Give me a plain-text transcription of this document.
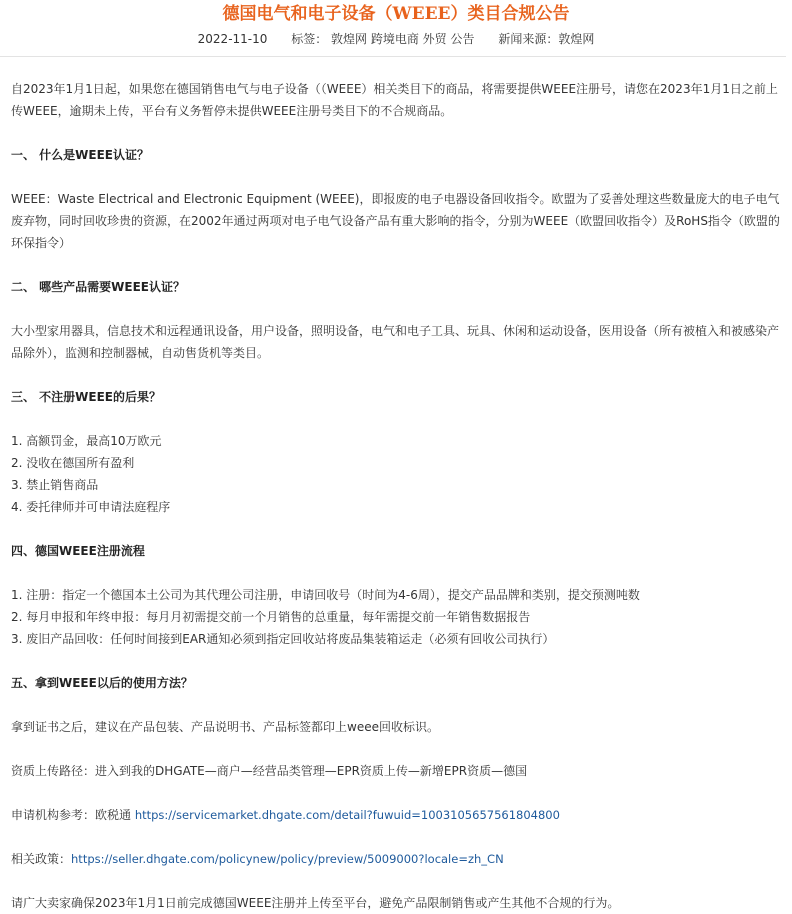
德国电气和电子设备（WEEE）类目合规公告
2022-11-10 标签： 敦煌网 跨境电商 外贸 公告 新闻来源：敦煌网

自2023年1月1日起，如果您在德国销售电气与电子设备（（WEEE）相关类目下的商品，将需要提供WEEE注册号，请您在2023年1月1日之前上传WEEE，逾期未上传，平台有义务暂停未提供WEEE注册号类目下的不合规商品。

一、 什么是WEEE认证？

WEEE：Waste Electrical and Electronic Equipment (WEEE)，即报废的电子电器设备回收指令。欧盟为了妥善处理这些数量庞大的电子电气废弃物，同时回收珍贵的资源，在2002年通过两项对电子电气设备产品有重大影响的指令，分别为WEEE（欧盟回收指令）及RoHS指令（欧盟的环保指令）

二、 哪些产品需要WEEE认证？

大小型家用器具，信息技术和远程通讯设备，用户设备，照明设备，电气和电子工具、玩具、休闲和运动设备，医用设备（所有被植入和被感染产品除外），监测和控制器械，自动售货机等类目。

三、 不注册WEEE的后果？

1. 高额罚金，最高10万欧元

2. 没收在德国所有盈利

3. 禁止销售商品

4. 委托律师并可申请法庭程序

四、德国WEEE注册流程

1. 注册：指定一个德国本土公司为其代理公司注册，申请回收号（时间为4-6周），提交产品品牌和类别，提交预测吨数

2. 每月申报和年终申报：每月月初需提交前一个月销售的总重量，每年需提交前一年销售数据报告

3. 废旧产品回收：任何时间接到EAR通知必须到指定回收站将废品集装箱运走（必须有回收公司执行）

五、拿到WEEE以后的使用方法？

拿到证书之后，建议在产品包装、产品说明书、产品标签都印上weee回收标识。

资质上传路径：进入到我的DHGATE—商户—经营品类管理—EPR资质上传—新增EPR资质—德国

申请机构参考：欧税通 https://servicemarket.dhgate.com/detail?fuwuid=1003105657561804800

相关政策：https://seller.dhgate.com/policynew/policy/preview/5009000?locale=zh_CN

请广大卖家确保2023年1月1日前完成德国WEEE注册并上传至平台，避免产品限制销售或产生其他不合规的行为。
